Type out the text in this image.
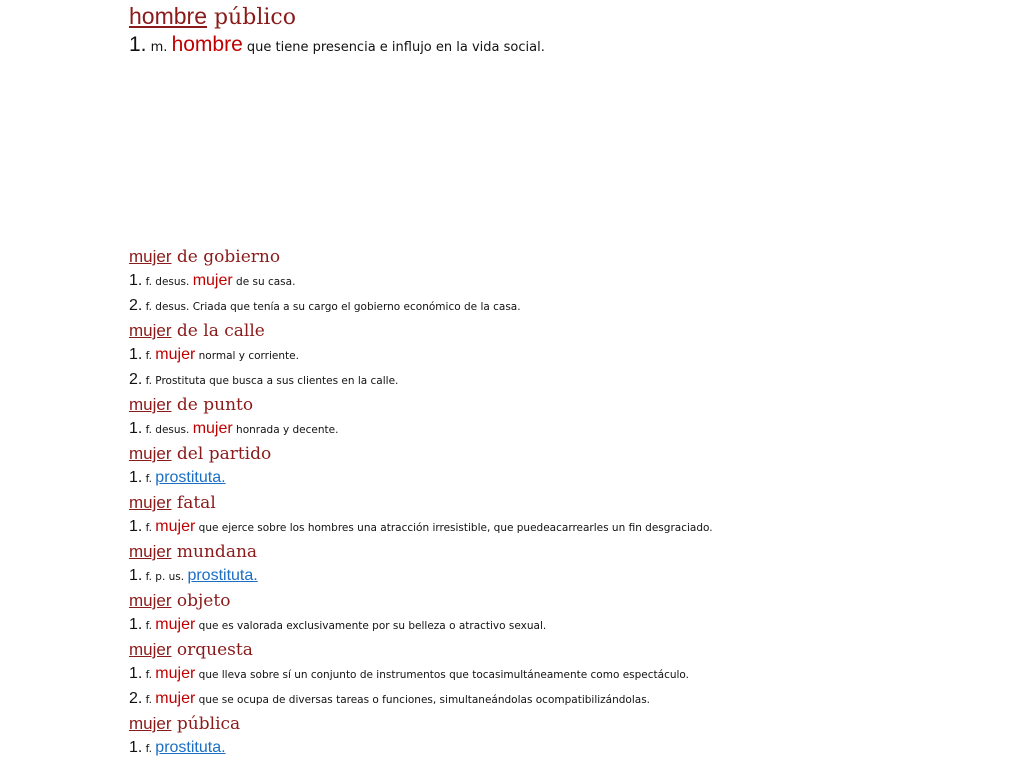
hombre público
1. m. hombre que tiene presencia e influjo en la vida social.
mujer de gobierno
1. f. desus. mujer de su casa.
2. f. desus. Criada que tenía a su cargo el gobierno económico de la casa.
mujer de la calle
1. f. mujer normal y corriente.
2. f. Prostituta que busca a sus clientes en la calle.
mujer de punto
1. f. desus. mujer honrada y decente.
mujer del partido
1. f. prostituta.
mujer fatal
1. f. mujer que ejerce sobre los hombres una atracción irresistible, que puedeacarrearles un fin desgraciado.
mujer mundana
1. f. p. us. prostituta.
mujer objeto
1. f. mujer que es valorada exclusivamente por su belleza o atractivo sexual.
mujer orquesta
1. f. mujer que lleva sobre sí un conjunto de instrumentos que tocasimultáneamente como espectáculo.
2. f. mujer que se ocupa de diversas tareas o funciones, simultaneándolas ocompatibilizándolas.
mujer pública
1. f. prostituta.
